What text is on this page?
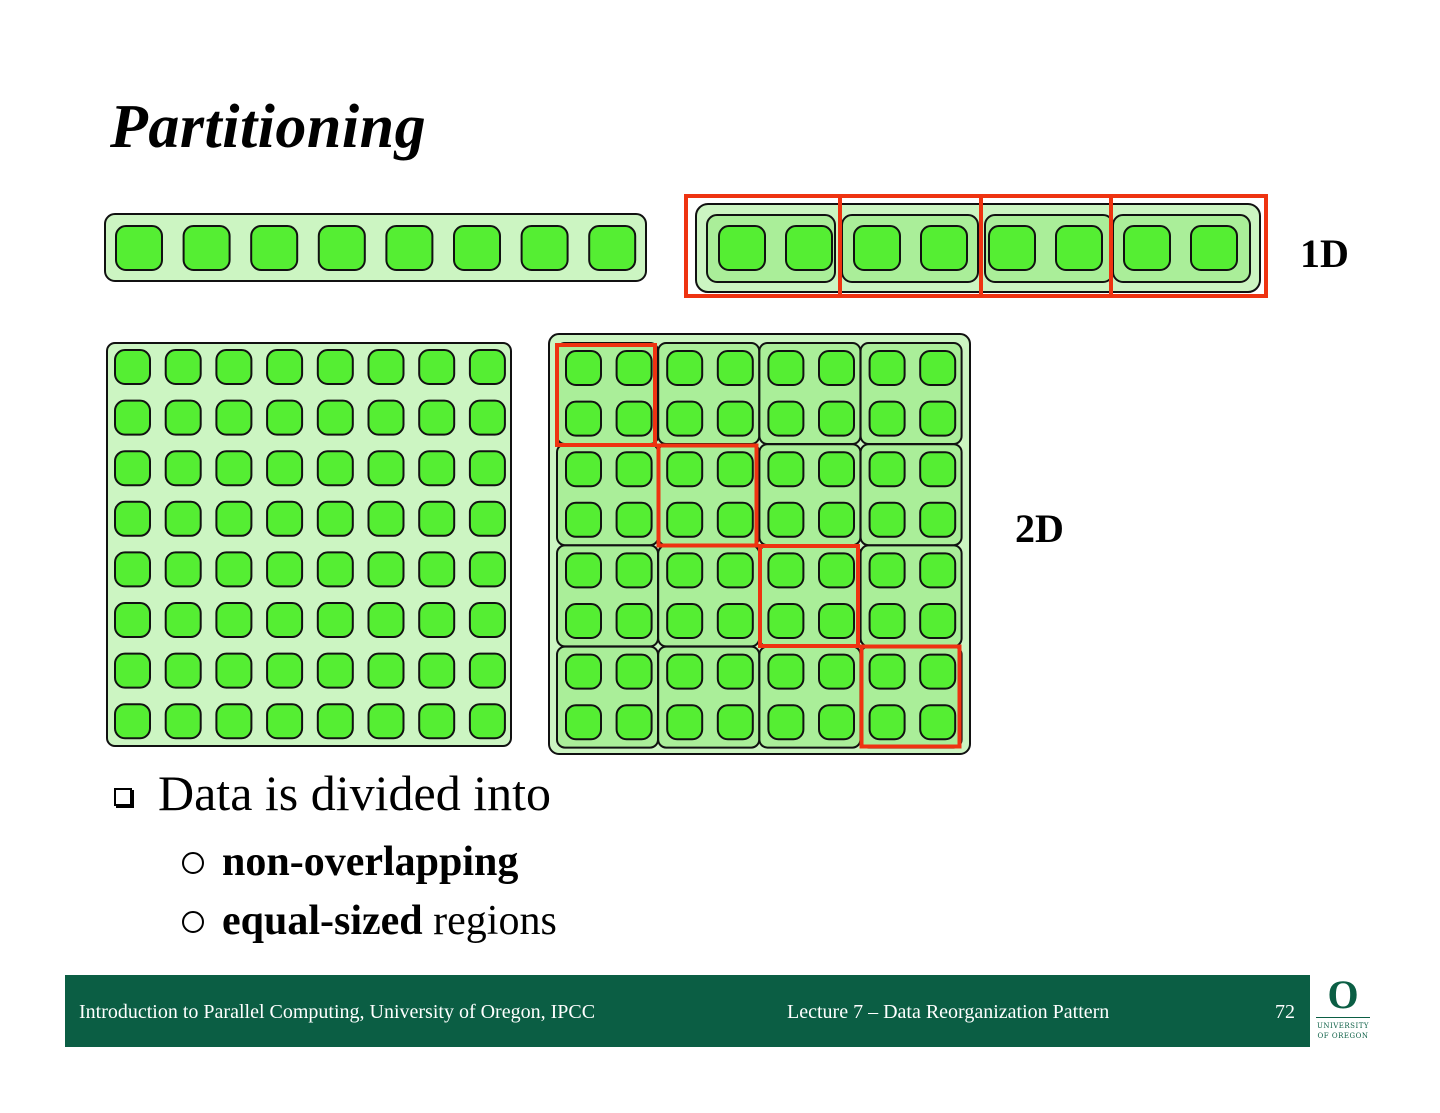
Partitioning
1D
2D
Data is divided into
non-overlapping
equal-sized regions
Introduction to Parallel Computing, University of Oregon, IPCC	Lecture 7 – Data Reorganization Pattern	72 O
UNIVERSITY
OF OREGON
